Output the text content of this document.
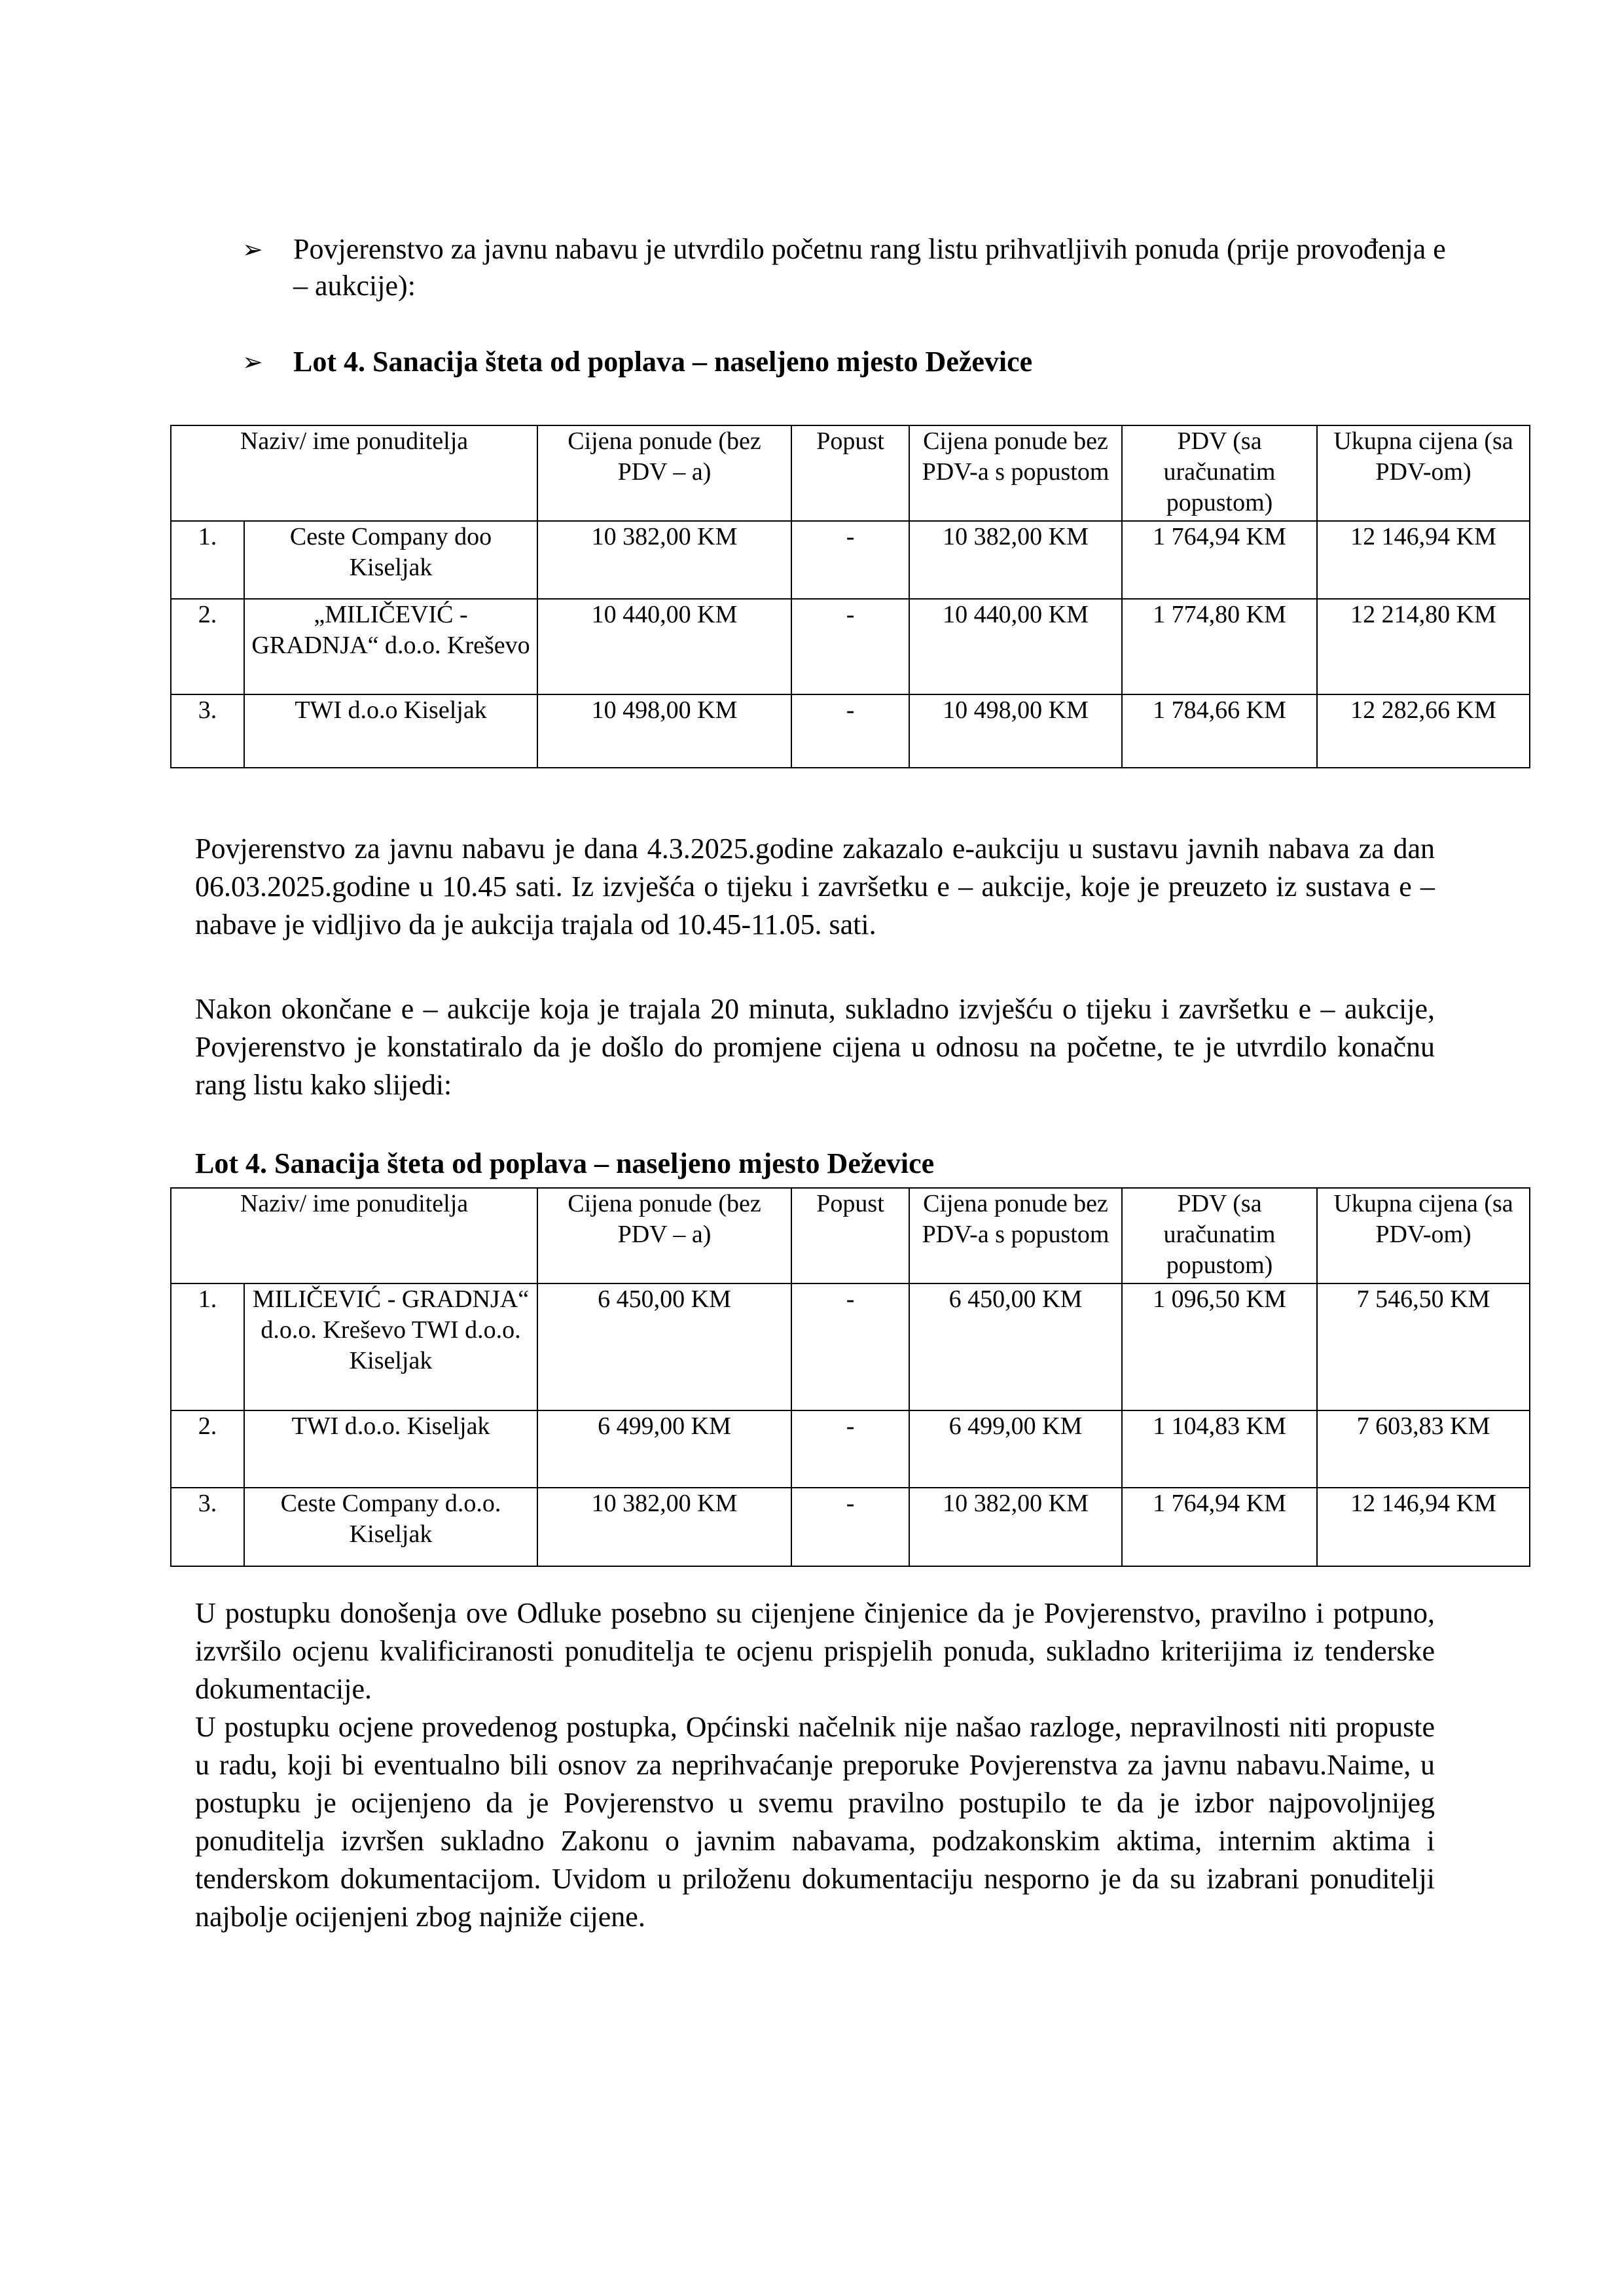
➢ Povjerenstvo za javnu nabavu je utvrdilo početnu rang listu prihvatljivih ponuda (prije provođenja e – aukcije):
➢ Lot 4. Sanacija šteta od poplava – naseljeno mjesto Deževice
Naziv/ ime ponuditelja		Cijena ponude (bez PDV – a)	Popust	Cijena ponude bez PDV-a s popustom	PDV (sa uračunatim popustom)	Ukupna cijena (sa PDV-om)
1.	Ceste Company doo Kiseljak	10 382,00 KM	-	10 382,00 KM	1 764,94 KM	12 146,94 KM
2.	„MILIČEVIĆ - GRADNJA“ d.o.o. Kreševo	10 440,00 KM	-	10 440,00 KM	1 774,80 KM	12 214,80 KM
3.	TWI d.o.o Kiseljak	10 498,00 KM	-	10 498,00 KM	1 784,66 KM	12 282,66 KM

Povjerenstvo za javnu nabavu je dana 4.3.2025.godine zakazalo e-aukciju u sustavu javnih nabava za dan 06.03.2025.godine u 10.45 sati. Iz izvješća o tijeku i završetku e – aukcije, koje je preuzeto iz sustava e – nabave je vidljivo da je aukcija trajala od 10.45-11.05. sati.

Nakon okončane e – aukcije koja je trajala 20 minuta, sukladno izvješću o tijeku i završetku e – aukcije, Povjerenstvo je konstatiralo da je došlo do promjene cijena u odnosu na početne, te je utvrdilo konačnu rang listu kako slijedi:

Lot 4. Sanacija šteta od poplava – naseljeno mjesto Deževice
Naziv/ ime ponuditelja		Cijena ponude (bez PDV – a)	Popust	Cijena ponude bez PDV-a s popustom	PDV (sa uračunatim popustom)	Ukupna cijena (sa PDV-om)
1.	MILIČEVIĆ - GRADNJA“ d.o.o. Kreševo TWI d.o.o. Kiseljak	6 450,00 KM	-	6 450,00 KM	1 096,50 KM	7 546,50 KM
2.	TWI d.o.o. Kiseljak	6 499,00 KM	-	6 499,00 KM	1 104,83 KM	7 603,83 KM
3.	Ceste Company d.o.o. Kiseljak	10 382,00 KM	-	10 382,00 KM	1 764,94 KM	12 146,94 KM

U postupku donošenja ove Odluke posebno su cijenjene činjenice da je Povjerenstvo, pravilno i potpuno, izvršilo ocjenu kvalificiranosti ponuditelja te ocjenu prispjelih ponuda, sukladno kriterijima iz tenderske dokumentacije.

U postupku ocjene provedenog postupka, Općinski načelnik nije našao razloge, nepravilnosti niti propuste u radu, koji bi eventualno bili osnov za neprihvaćanje preporuke Povjerenstva za javnu nabavu.Naime, u postupku je ocijenjeno da je Povjerenstvo u svemu pravilno postupilo te da je izbor najpovoljnijeg ponuditelja izvršen sukladno Zakonu o javnim nabavama, podzakonskim aktima, internim aktima i tenderskom dokumentacijom. Uvidom u priloženu dokumentaciju nesporno je da su izabrani ponuditelji najbolje ocijenjeni zbog najniže cijene.
